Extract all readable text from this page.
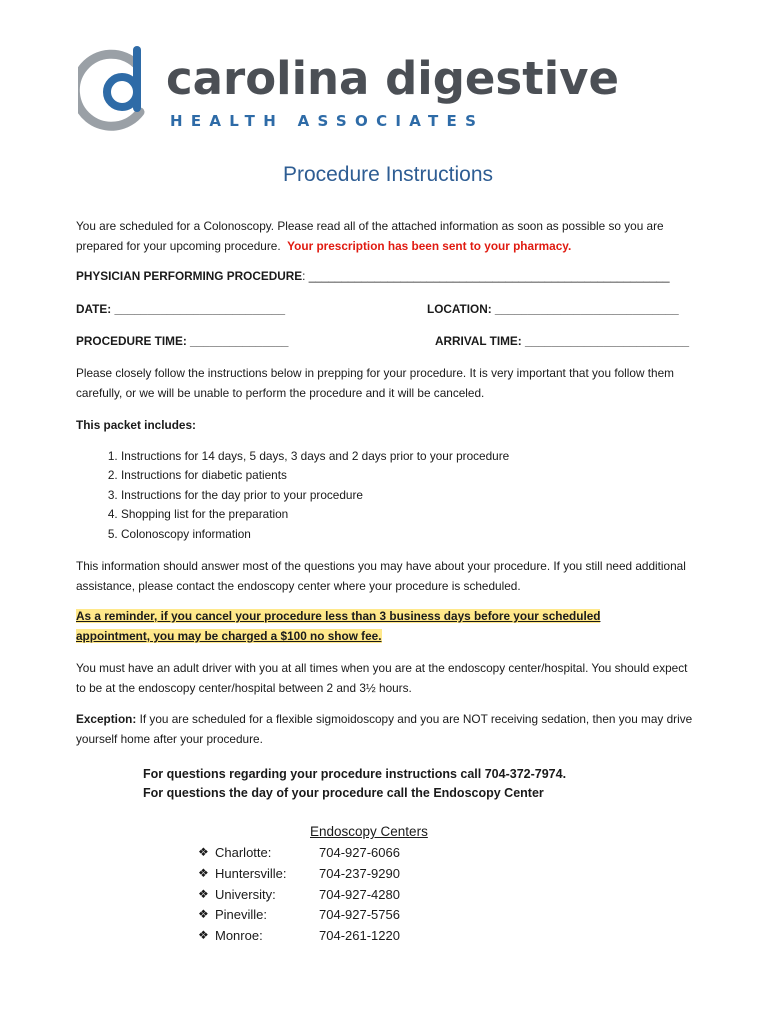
carolina digestive
HEALTH ASSOCIATES
Procedure Instructions

You are scheduled for a Colonoscopy. Please read all of the attached information as soon as possible so you are prepared for your upcoming procedure. Your prescription has been sent to your pharmacy.

PHYSICIAN PERFORMING PROCEDURE: _______________________________________________________
DATE: __________________________	LOCATION: ____________________________
PROCEDURE TIME: _______________	ARRIVAL TIME: _________________________

Please closely follow the instructions below in prepping for your procedure. It is very important that you follow them carefully, or we will be unable to perform the procedure and it will be canceled.

This packet includes:
1. Instructions for 14 days, 5 days, 3 days and 2 days prior to your procedure
2. Instructions for diabetic patients
3. Instructions for the day prior to your procedure
4. Shopping list for the preparation
5. Colonoscopy information

This information should answer most of the questions you may have about your procedure. If you still need additional assistance, please contact the endoscopy center where your procedure is scheduled.

As a reminder, if you cancel your procedure less than 3 business days before your scheduled
appointment, you may be charged a $100 no show fee.

You must have an adult driver with you at all times when you are at the endoscopy center/hospital. You should expect to be at the endoscopy center/hospital between 2 and 3½ hours.

Exception: If you are scheduled for a flexible sigmoidoscopy and you are NOT receiving sedation, then you may drive yourself home after your procedure.

For questions regarding your procedure instructions call 704-372-7974.
For questions the day of your procedure call the Endoscopy Center
Endoscopy Centers
❖ Charlotte:	704-927-6066
❖ Huntersville: 704-237-9290
❖ University:	704-927-4280
❖ Pineville:	704-927-5756
❖ Monroe:	704-261-1220
